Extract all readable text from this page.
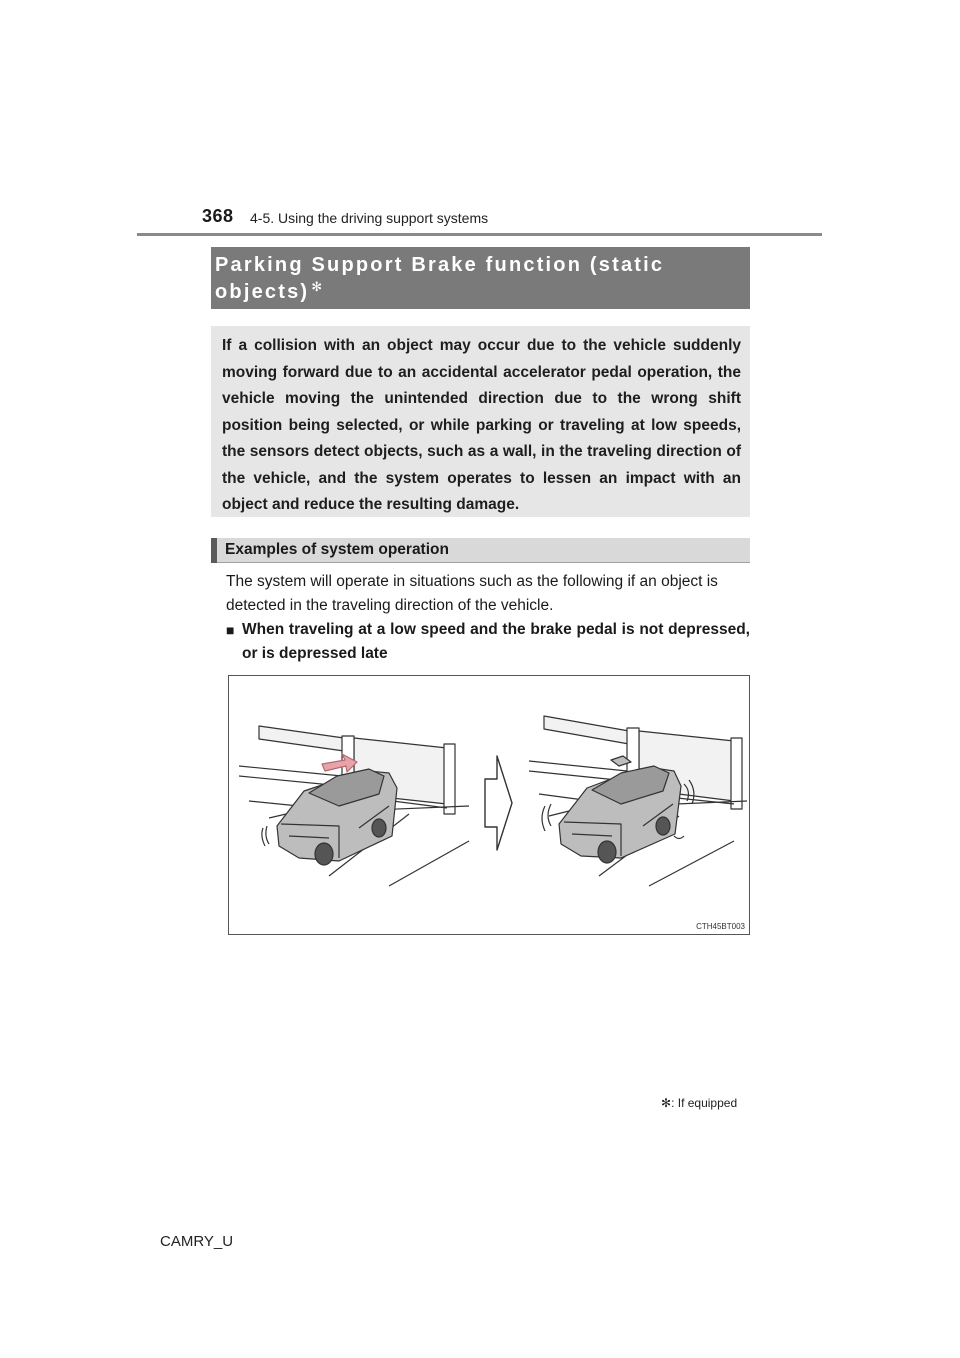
368 4-5. Using the driving support systems
Parking Support Brake function (static objects) ✻

If a collision with an object may occur due to the vehicle suddenly moving forward due to an accidental accelerator pedal operation, the vehicle moving the unintended direction due to the wrong shift position being selected, or while parking or traveling at low speeds, the sensors detect objects, such as a wall, in the traveling direction of the vehicle, and the system operates to lessen an impact with an object and reduce the resulting damage.

Examples of system operation

The system will operate in situations such as the following if an object is detected in the traveling direction of the vehicle.

■ When traveling at a low speed and the brake pedal is not depressed, or is depressed late
CTH45BT003
✻: If equipped
CAMRY_U
